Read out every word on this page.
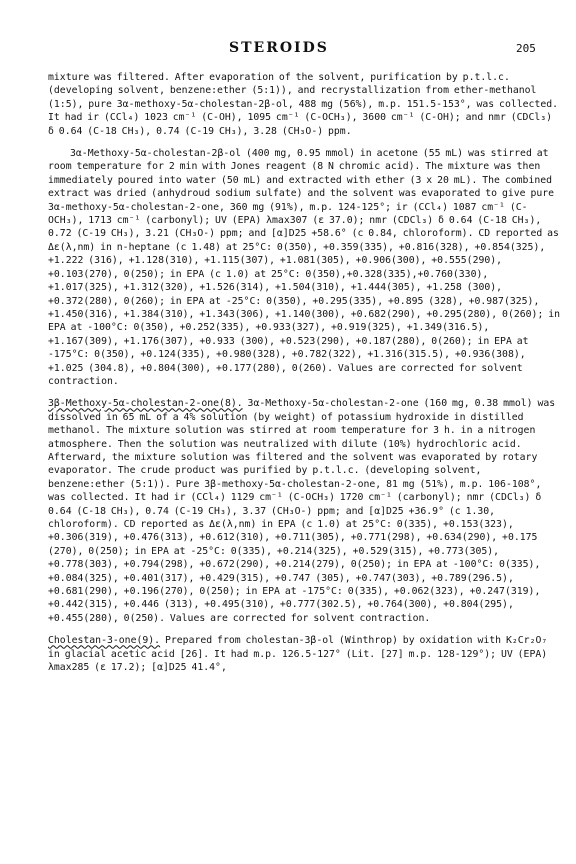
STEROIDS	205

mixture was filtered. After evaporation of the solvent, purification by p.t.l.c. (developing solvent, benzene:ether (5:1)), and recrystallization from ether-methanol (1:5), pure 3α-methoxy-5α-cholestan-2β-ol, 488 mg (56%), m.p. 151.5-153°, was collected. It had ir (CCl₄) 1023 cm⁻¹ (C-OH), 1095 cm⁻¹ (C-OCH₃), 3600 cm⁻¹ (C-OH); and nmr (CDCl₃) δ 0.64 (C-18 CH₃), 0.74 (C-19 CH₃), 3.28 (CH₃O-) ppm.

3α-Methoxy-5α-cholestan-2β-ol (400 mg, 0.95 mmol) in acetone (55 mL) was stirred at room temperature for 2 min with Jones reagent (8 N chromic acid). The mixture was then immediately poured into water (50 mL) and extracted with ether (3 x 20 mL). The combined extract was dried (anhydroud sodium sulfate) and the solvent was evaporated to give pure 3α-methoxy-5α-cholestan-2-one, 360 mg (91%), m.p. 124-125°; ir (CCl₄) 1087 cm⁻¹ (C-OCH₃), 1713 cm⁻¹ (carbonyl); UV (EPA) λmax307 (ε 37.0); nmr (CDCl₃) δ 0.64 (C-18 CH₃), 0.72 (C-19 CH₃), 3.21 (CH₃O-) ppm; and [α]D25 +58.6° (c 0.84, chloroform). CD reported as Δε(λ,nm) in n-heptane (c 1.48) at 25°C: 0(350), +0.359(335), +0.816(328), +0.854(325), +1.222 (316), +1.128(310), +1.115(307), +1.081(305), +0.906(300), +0.555(290), +0.103(270), 0(250); in EPA (c 1.0) at 25°C: 0(350),+0.328(335),+0.760(330), +1.017(325), +1.312(320), +1.526(314), +1.504(310), +1.444(305), +1.258 (300), +0.372(280), 0(260); in EPA at -25°C: 0(350), +0.295(335), +0.895 (328), +0.987(325), +1.450(316), +1.384(310), +1.343(306), +1.140(300), +0.682(290), +0.295(280), 0(260); in EPA at -100°C: 0(350), +0.252(335), +0.933(327), +0.919(325), +1.349(316.5), +1.167(309), +1.176(307), +0.933 (300), +0.523(290), +0.187(280), 0(260); in EPA at -175°C: 0(350), +0.124(335), +0.980(328), +0.782(322), +1.316(315.5), +0.936(308), +1.025 (304.8), +0.804(300), +0.177(280), 0(260). Values are corrected for solvent contraction.

3β-Methoxy-5α-cholestan-2-one(8). 3α-Methoxy-5α-cholestan-2-one (160 mg, 0.38 mmol) was dissolved in 65 mL of a 4% solution (by weight) of potassium hydroxide in distilled methanol. The mixture solution was stirred at room temperature for 3 h. in a nitrogen atmosphere. Then the solution was neutralized with dilute (10%) hydrochloric acid. Afterward, the mixture solution was filtered and the solvent was evaporated by rotary evaporator. The crude product was purified by p.t.l.c. (developing solvent, benzene:ether (5:1)). Pure 3β-methoxy-5α-cholestan-2-one, 81 mg (51%), m.p. 106-108°, was collected. It had ir (CCl₄) 1129 cm⁻¹ (C-OCH₃) 1720 cm⁻¹ (carbonyl); nmr (CDCl₃) δ 0.64 (C-18 CH₃), 0.74 (C-19 CH₃), 3.37 (CH₃O-) ppm; and [α]D25 +36.9° (c 1.30, chloroform). CD reported as Δε(λ,nm) in EPA (c 1.0) at 25°C: 0(335), +0.153(323), +0.306(319), +0.476(313), +0.612(310), +0.711(305), +0.771(298), +0.634(290), +0.175 (270), 0(250); in EPA at -25°C: 0(335), +0.214(325), +0.529(315), +0.773(305), +0.778(303), +0.794(298), +0.672(290), +0.214(279), 0(250); in EPA at -100°C: 0(335), +0.084(325), +0.401(317), +0.429(315), +0.747 (305), +0.747(303), +0.789(296.5), +0.681(290), +0.196(270), 0(250); in EPA at -175°C: 0(335), +0.062(323), +0.247(319), +0.442(315), +0.446 (313), +0.495(310), +0.777(302.5), +0.764(300), +0.804(295), +0.455(280), 0(250). Values are corrected for solvent contraction.

Cholestan-3-one(9). Prepared from cholestan-3β-ol (Winthrop) by oxidation with K₂Cr₂O₇ in glacial acetic acid [26]. It had m.p. 126.5-127° (Lit. [27] m.p. 128-129°); UV (EPA) λmax285 (ε 17.2); [α]D25 41.4°,
